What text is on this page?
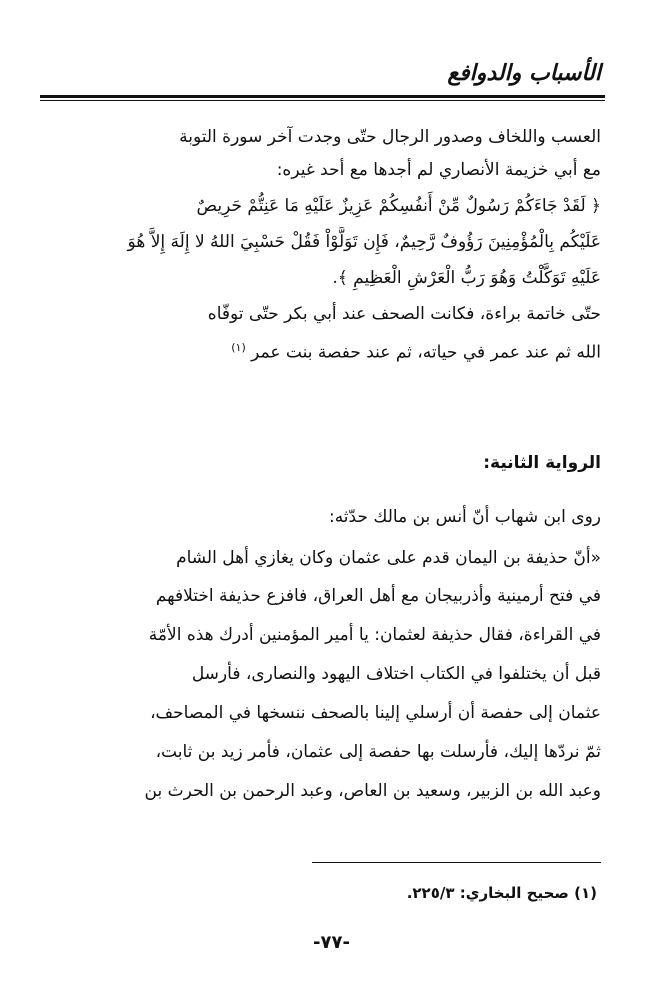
الأسباب والدوافع
العسب واللخاف وصدور الرجال حتّى وجدت آخر سورة التوبة
مع أبي خزيمة الأنصاري لم أجدها مع أحد غيره:
﴿ لَقَدْ جَاءَكُمْ رَسُولٌ مِّنْ أَنفُسِكُمْ عَزِيزٌ عَلَيْهِ مَا عَنِتُّمْ حَرِيصٌ
عَلَيْكُم بِالْمُؤْمِنِينَ رَؤُوفٌ رَّحِيمٌ، فَإِن تَوَلَّوْاْ فَقُلْ حَسْبِيَ اللهُ لا إِلَهَ إِلاَّ هُوَ
عَلَيْهِ تَوَكَّلْتُ وَهُوَ رَبُّ الْعَرْشِ الْعَظِيمِ ﴾.
حتّى خاتمة براءة، فكانت الصحف عند أبي بكر حتّى توفّاه
الله ثم عند عمر في حياته، ثم عند حفصة بنت عمر $^{(١)}$
الرواية الثانية:
روى ابن شهاب أنّ أنس بن مالك حدّثه:
«أنّ حذيفة بن اليمان قدم على عثمان وكان يغازي أهل الشام
في فتح أرمينية وأذربيجان مع أهل العراق، فافزع حذيفة اختلافهم
في القراءة، فقال حذيفة لعثمان: يا أمير المؤمنين أدرك هذه الأمّة
قبل أن يختلفوا في الكتاب اختلاف اليهود والنصارى، فأرسل
عثمان إلى حفصة أن أرسلي إلينا بالصحف ننسخها في المصاحف،
ثمّ نردّها إليك، فأرسلت بها حفصة إلى عثمان، فأمر زيد بن ثابت،
وعبد الله بن الزبير، وسعيد بن العاص، وعبد الرحمن بن الحرث بن
(١) صحيح البخاري: ٢٢٥/٣.
-٧٧-
